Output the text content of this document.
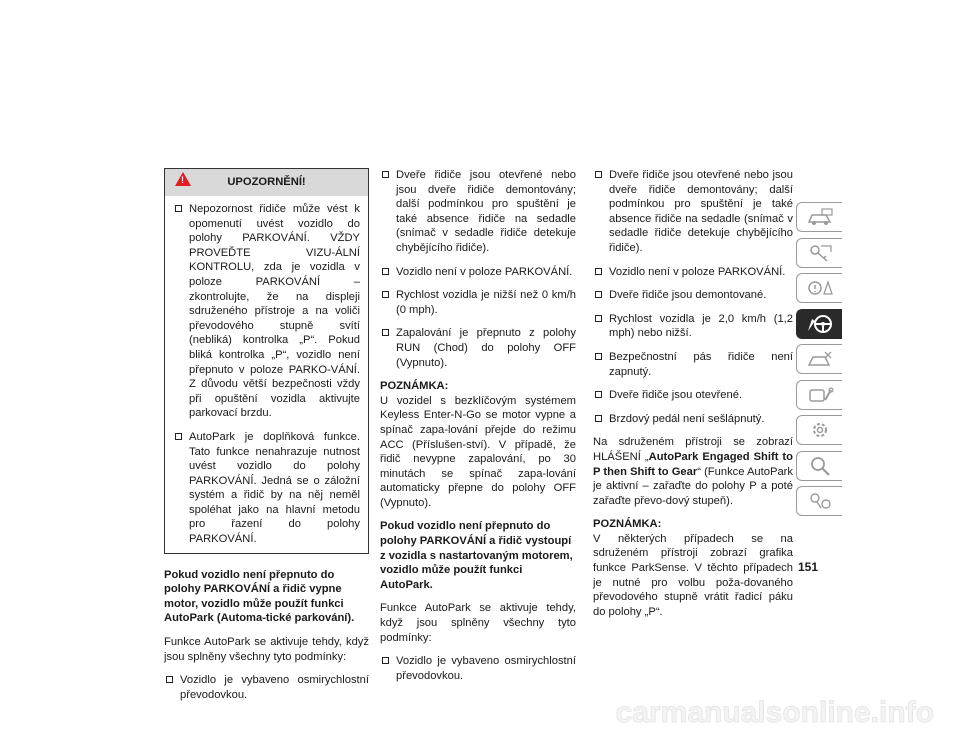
!	UPOZORNĚNÍ!
Nepozornost řidiče může vést k opomenutí uvést vozidlo do polohy PARKOVÁNÍ. VŽDY PROVEĎTE VIZU-ÁLNÍ KONTROLU, zda je vozidla v poloze PARKOVÁNÍ – zkontrolujte, že na displeji sdruženého přístroje a na voliči převodového stupně svítí (nebliká) kontrolka „P“. Pokud bliká kontrolka „P“, vozidlo není přepnuto v poloze PARKO-VÁNÍ. Z důvodu větší bezpečnosti vždy při opuštění vozidla aktivujte parkovací brzdu.
AutoPark je doplňková funkce. Tato funkce nenahrazuje nutnost uvést vozidlo do polohy PARKOVÁNÍ. Jedná se o záložní systém a řidič by na něj neměl spoléhat jako na hlavní metodu pro řazení do polohy PARKOVÁNÍ.

Pokud vozidlo není přepnuto do polohy PARKOVÁNÍ a řidič vypne motor, vozidlo může použít funkci AutoPark (Automa-tické parkování).

Funkce AutoPark se aktivuje tehdy, když jsou splněny všechny tyto podmínky:

Vozidlo je vybaveno osmirychlostní převodovkou.
Dveře řidiče jsou otevřené nebo jsou dveře řidiče demontovány; další podmínkou pro spuštění je také absence řidiče na sedadle (snímač v sedadle řidiče detekuje chybějícího řidiče).
Vozidlo není v poloze PARKOVÁNÍ.
Rychlost vozidla je nižší než 0 km/h (0 mph).
Zapalování je přepnuto z polohy RUN (Chod) do polohy OFF (Vypnuto).

POZNÁMKA:

U vozidel s bezklíčovým systémem Keyless Enter-N-Go se motor vypne a spínač zapa-lování přejde do režimu ACC (Příslušen-ství). V případě, že řidič nevypne zapalování, po 30 minutách se spínač zapa-lování automaticky přepne do polohy OFF (Vypnuto).

Pokud vozidlo není přepnuto do polohy PARKOVÁNÍ a řidič vystoupí z vozidla s nastartovaným motorem, vozidlo může použít funkci AutoPark.

Funkce AutoPark se aktivuje tehdy, když jsou splněny všechny tyto podmínky:

Vozidlo je vybaveno osmirychlostní převodovkou.
Dveře řidiče jsou otevřené nebo jsou dveře řidiče demontovány; další podmínkou pro spuštění je také absence řidiče na sedadle (snímač v sedadle řidiče detekuje chybějícího řidiče).
Vozidlo není v poloze PARKOVÁNÍ.
Dveře řidiče jsou demontované.
Rychlost vozidla je 2,0 km/h (1,2 mph) nebo nižší.
Bezpečnostní pás řidiče není zapnutý.
Dveře řidiče jsou otevřené.
Brzdový pedál není sešlápnutý.

Na sdruženém přístroji se zobrazí HLÁŠENÍ „AutoPark Engaged Shift to P then Shift to Gear“ (Funkce AutoPark je aktivní – zařaďte do polohy P a poté zařaďte převo-dový stupeň).

POZNÁMKA:

V některých případech se na sdruženém přístroji zobrazí grafika funkce ParkSense. V těchto případech je nutné pro volbu poža-dovaného převodového stupně vrátit řadicí páku do polohy „P“.

151
carmanualsonline.info
